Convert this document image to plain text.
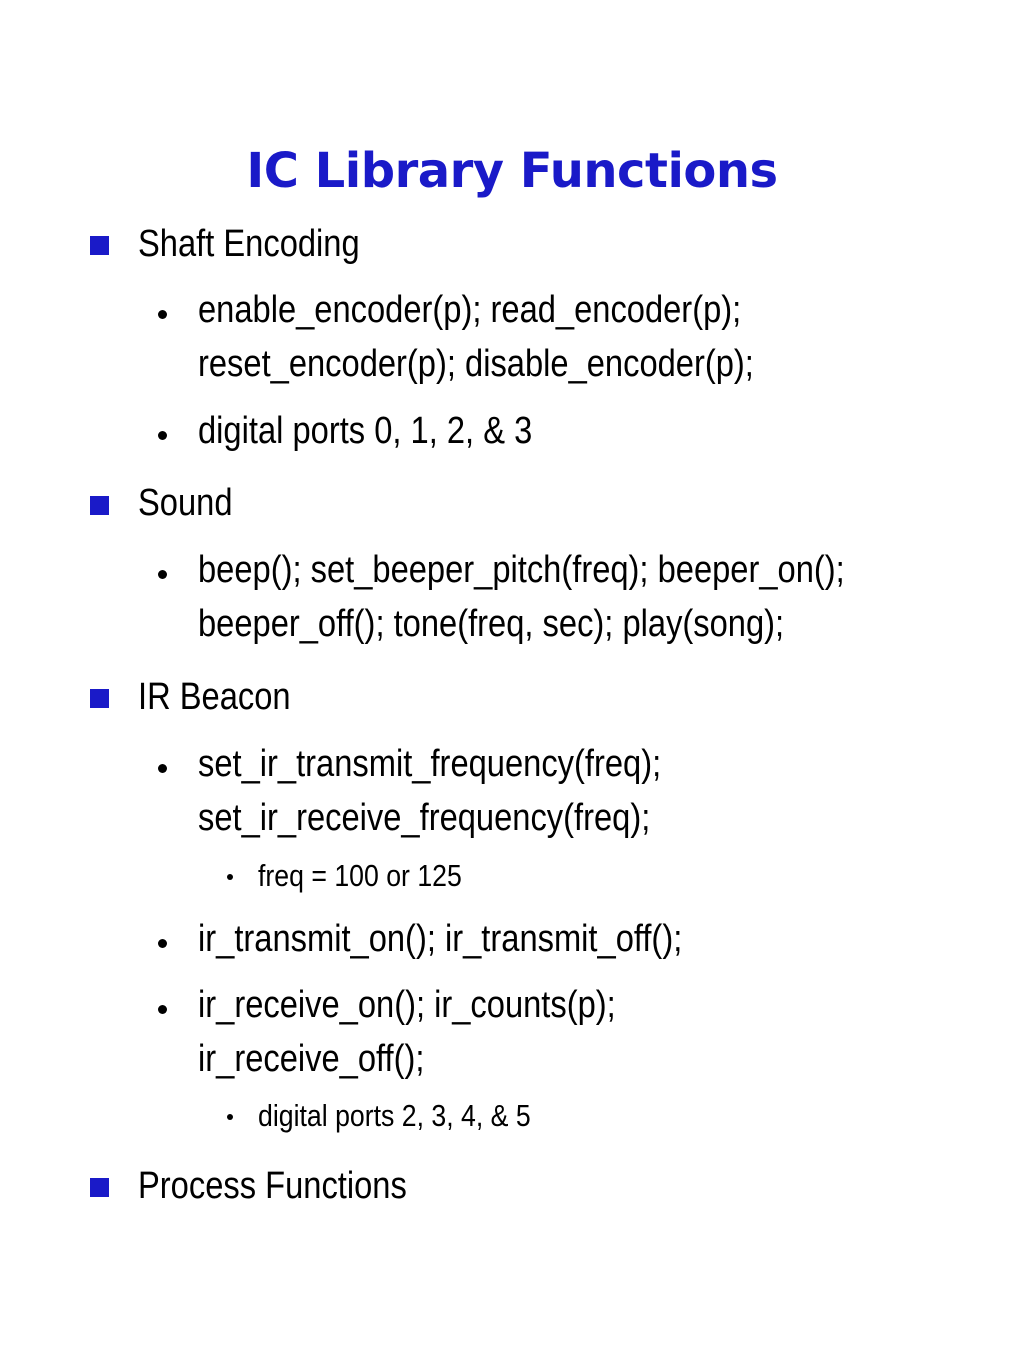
IC Library Functions

Shaft Encoding

enable_encoder(p); read_encoder(p);

reset_encoder(p); disable_encoder(p);

digital ports 0, 1, 2, & 3

Sound

beep(); set_beeper_pitch(freq); beeper_on();

beeper_off(); tone(freq, sec); play(song);

IR Beacon

set_ir_transmit_frequency(freq);

set_ir_receive_frequency(freq);

freq = 100 or 125

ir_transmit_on(); ir_transmit_off();

ir_receive_on(); ir_counts(p);

ir_receive_off();

digital ports 2, 3, 4, & 5

Process Functions
